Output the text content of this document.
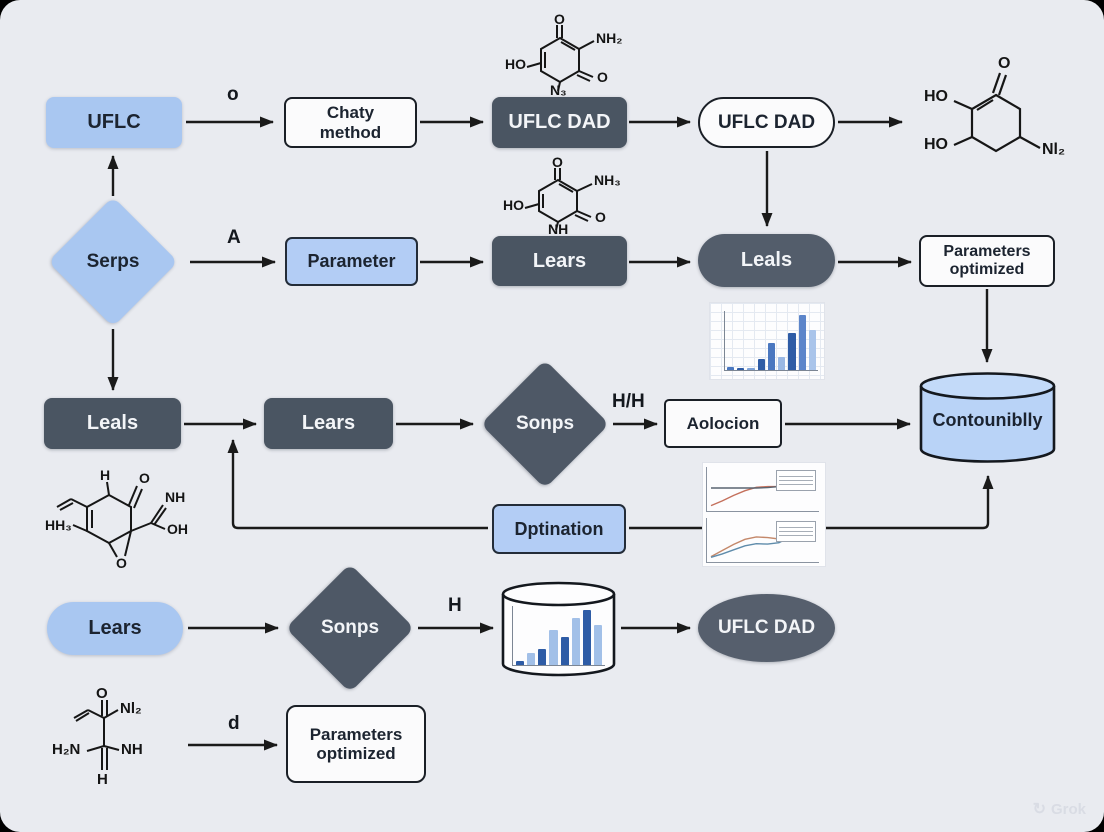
o
A
H/H
H
d
UFLC	Chaty
method	UFLC DAD	UFLC DAD
Serps	Parameter	Lears	Leals	Parameters
optimized
Leals	Lears	Sonps	Aolocion	Contouniblly
Dptination
Lears	Sonps	UFLC DAD
Parameters
optimized
O
NH₂
HO
O
N₃
O
NH₃
HO
O
NH
O
HO
HO	Nl₂
H O
NH
OH
O
HH₃
O
Nl₂
H₂N	NH
H
↻ Grok
